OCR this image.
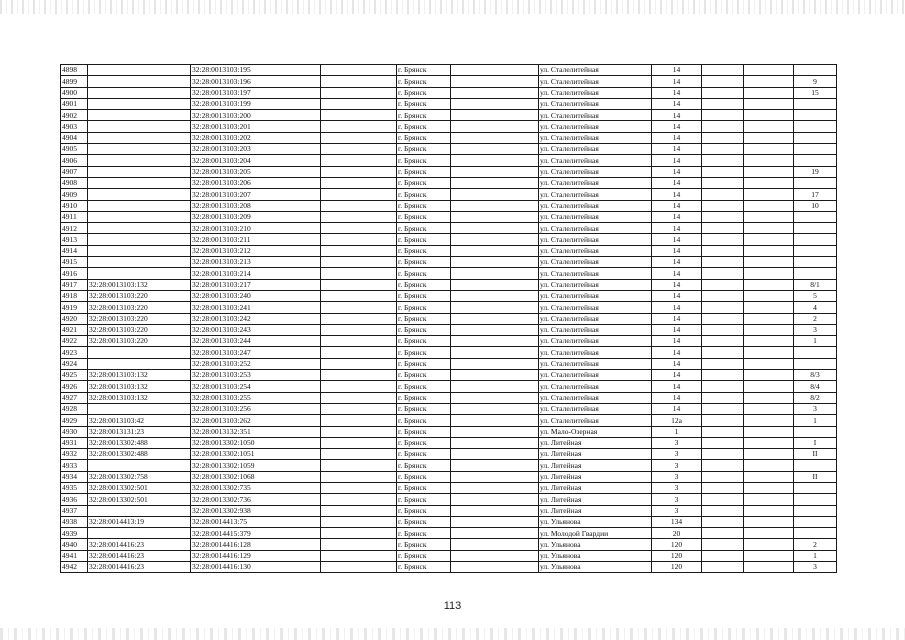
4898		32:28:0013103:195		г. Брянск		ул. Сталелитейная	14			
4899		32:28:0013103:196		г. Брянск		ул. Сталелитейная	14			9
4900		32:28:0013103:197		г. Брянск		ул. Сталелитейная	14			15
4901		32:28:0013103:199		г. Брянск		ул. Сталелитейная	14			
4902		32:28:0013103:200		г. Брянск		ул. Сталелитейная	14			
4903		32:28:0013103:201		г. Брянск		ул. Сталелитейная	14			
4904		32:28:0013103:202		г. Брянск		ул. Сталелитейная	14			
4905		32:28:0013103:203		г. Брянск		ул. Сталелитейная	14			
4906		32:28:0013103:204		г. Брянск		ул. Сталелитейная	14			
4907		32:28:0013103:205		г. Брянск		ул. Сталелитейная	14			19
4908		32:28:0013103:206		г. Брянск		ул. Сталелитейная	14			
4909		32:28:0013103:207		г. Брянск		ул. Сталелитейная	14			17
4910		32:28:0013103:208		г. Брянск		ул. Сталелитейная	14			10
4911		32:28:0013103:209		г. Брянск		ул. Сталелитейная	14			
4912		32:28:0013103:210		г. Брянск		ул. Сталелитейная	14			
4913		32:28:0013103:211		г. Брянск		ул. Сталелитейная	14			
4914		32:28:0013103:212		г. Брянск		ул. Сталелитейная	14			
4915		32:28:0013103:213		г. Брянск		ул. Сталелитейная	14			
4916		32:28:0013103:214		г. Брянск		ул. Сталелитейная	14			
4917	32:28:0013103:132	32:28:0013103:217		г. Брянск		ул. Сталелитейная	14			8/1
4918	32:28:0013103:220	32:28:0013103:240		г. Брянск		ул. Сталелитейная	14			5
4919	32:28:0013103:220	32:28:0013103:241		г. Брянск		ул. Сталелитейная	14			4
4920	32:28:0013103:220	32:28:0013103:242		г. Брянск		ул. Сталелитейная	14			2
4921	32:28:0013103:220	32:28:0013103:243		г. Брянск		ул. Сталелитейная	14			3
4922	32:28:0013103:220	32:28:0013103:244		г. Брянск		ул. Сталелитейная	14			1
4923		32:28:0013103:247		г. Брянск		ул. Сталелитейная	14			
4924		32:28:0013103:252		г. Брянск		ул. Сталелитейная	14			
4925	32:28:0013103:132	32:28:0013103:253		г. Брянск		ул. Сталелитейная	14			8/3
4926	32:28:0013103:132	32:28:0013103:254		г. Брянск		ул. Сталелитейная	14			8/4
4927	32:28:0013103:132	32:28:0013103:255		г. Брянск		ул. Сталелитейная	14			8/2
4928		32:28:0013103:256		г. Брянск		ул. Сталелитейная	14			3
4929	32:28:0013103:42	32:28:0013103:262		г. Брянск		ул. Сталелитейная	12а			1
4930	32:28:0013131:23	32:28:0013132:351		г. Брянск		ул. Мало-Озерная	1			
4931	32:28:0013302:488	32:28:0013302:1050		г. Брянск		ул. Литейная	3			I
4932	32:28:0013302:488	32:28:0013302:1051		г. Брянск		ул. Литейная	3			II
4933		32:28:0013302:1059		г. Брянск		ул. Литейная	3			
4934	32:28:0013302:758	32:28:0013302:1068		г. Брянск		ул. Литейная	3			II
4935	32:28:0013302:501	32:28:0013302:735		г. Брянск		ул. Литейная	3			
4936	32:28:0013302:501	32:28:0013302:736		г. Брянск		ул. Литейная	3			
4937		32:28:0013302:938		г. Брянск		ул. Литейная	3			
4938	32:28:0014413:19	32:28:0014413:75		г. Брянск		ул. Ульянова	134			
4939		32:28:0014415:379		г. Брянск		ул. Молодой Гвардии	20			
4940	32:28:0014416:23	32:28:0014416:128		г. Брянск		ул. Ульянова	120			2
4941	32:28:0014416:23	32:28:0014416:129		г. Брянск		ул. Ульянова	120			1
4942	32:28:0014416:23	32:28:0014416:130		г. Брянск		ул. Ульянова	120			3
113
